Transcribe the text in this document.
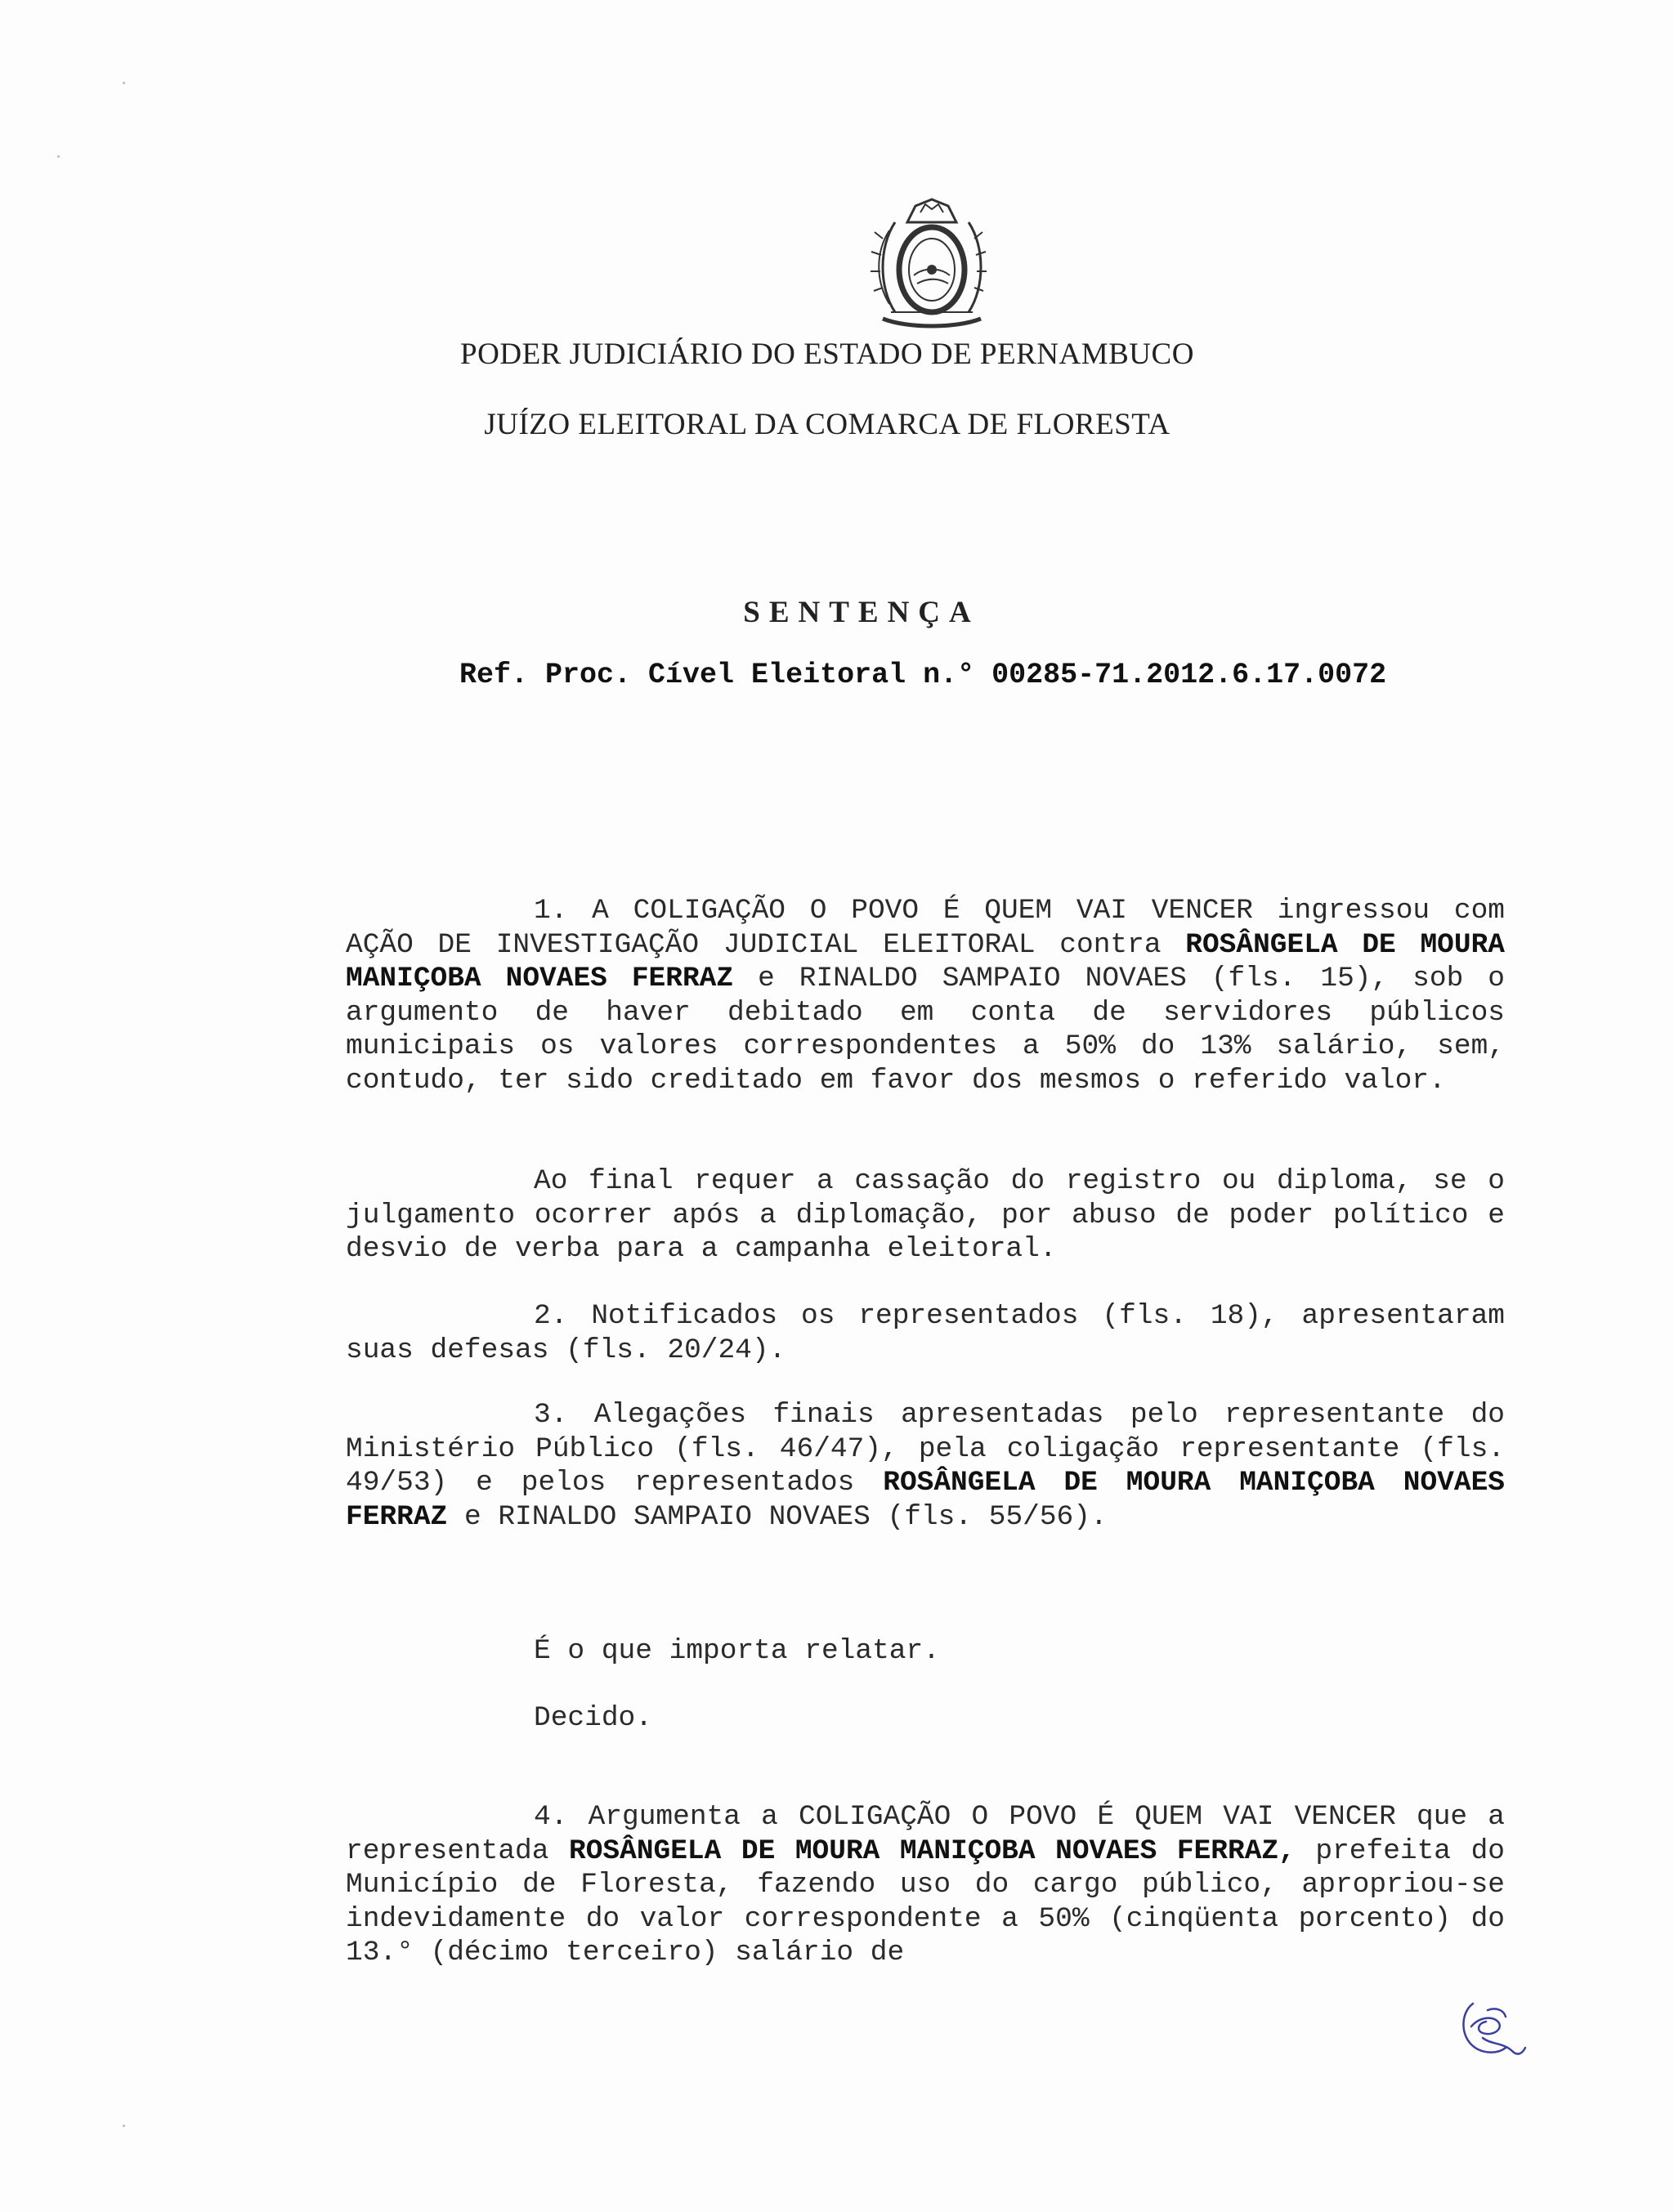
PODER JUDICIÁRIO DO ESTADO DE PERNAMBUCO
JUÍZO ELEITORAL DA COMARCA DE FLORESTA
SENTENÇA
Ref. Proc. Cível Eleitoral n.° 00285-71.2012.6.17.0072

1. A COLIGAÇÃO O POVO É QUEM VAI VENCER ingressou com AÇÃO DE INVESTIGAÇÃO JUDICIAL ELEITORAL contra ROSÂNGELA DE MOURA MANIÇOBA NOVAES FERRAZ e RINALDO SAMPAIO NOVAES (fls. 15), sob o argumento de haver debitado em conta de servidores públicos municipais os valores correspondentes a 50% do 13% salário, sem, contudo, ter sido creditado em favor dos mesmos o referido valor.

Ao final requer a cassação do registro ou diploma, se o julgamento ocorrer após a diplomação, por abuso de poder político e desvio de verba para a campanha eleitoral.

2. Notificados os representados (fls. 18), apresentaram suas defesas (fls. 20/24).

3. Alegações finais apresentadas pelo representante do Ministério Público (fls. 46/47), pela coligação representante (fls. 49/53) e pelos representados ROSÂNGELA DE MOURA MANIÇOBA NOVAES FERRAZ e RINALDO SAMPAIO NOVAES (fls. 55/56).

É o que importa relatar.

Decido.

4. Argumenta a COLIGAÇÃO O POVO É QUEM VAI VENCER que a representada ROSÂNGELA DE MOURA MANIÇOBA NOVAES FERRAZ, prefeita do Município de Floresta, fazendo uso do cargo público, apropriou-se indevidamente do valor correspondente a 50% (cinqüenta porcento) do 13.° (décimo terceiro) salário de
